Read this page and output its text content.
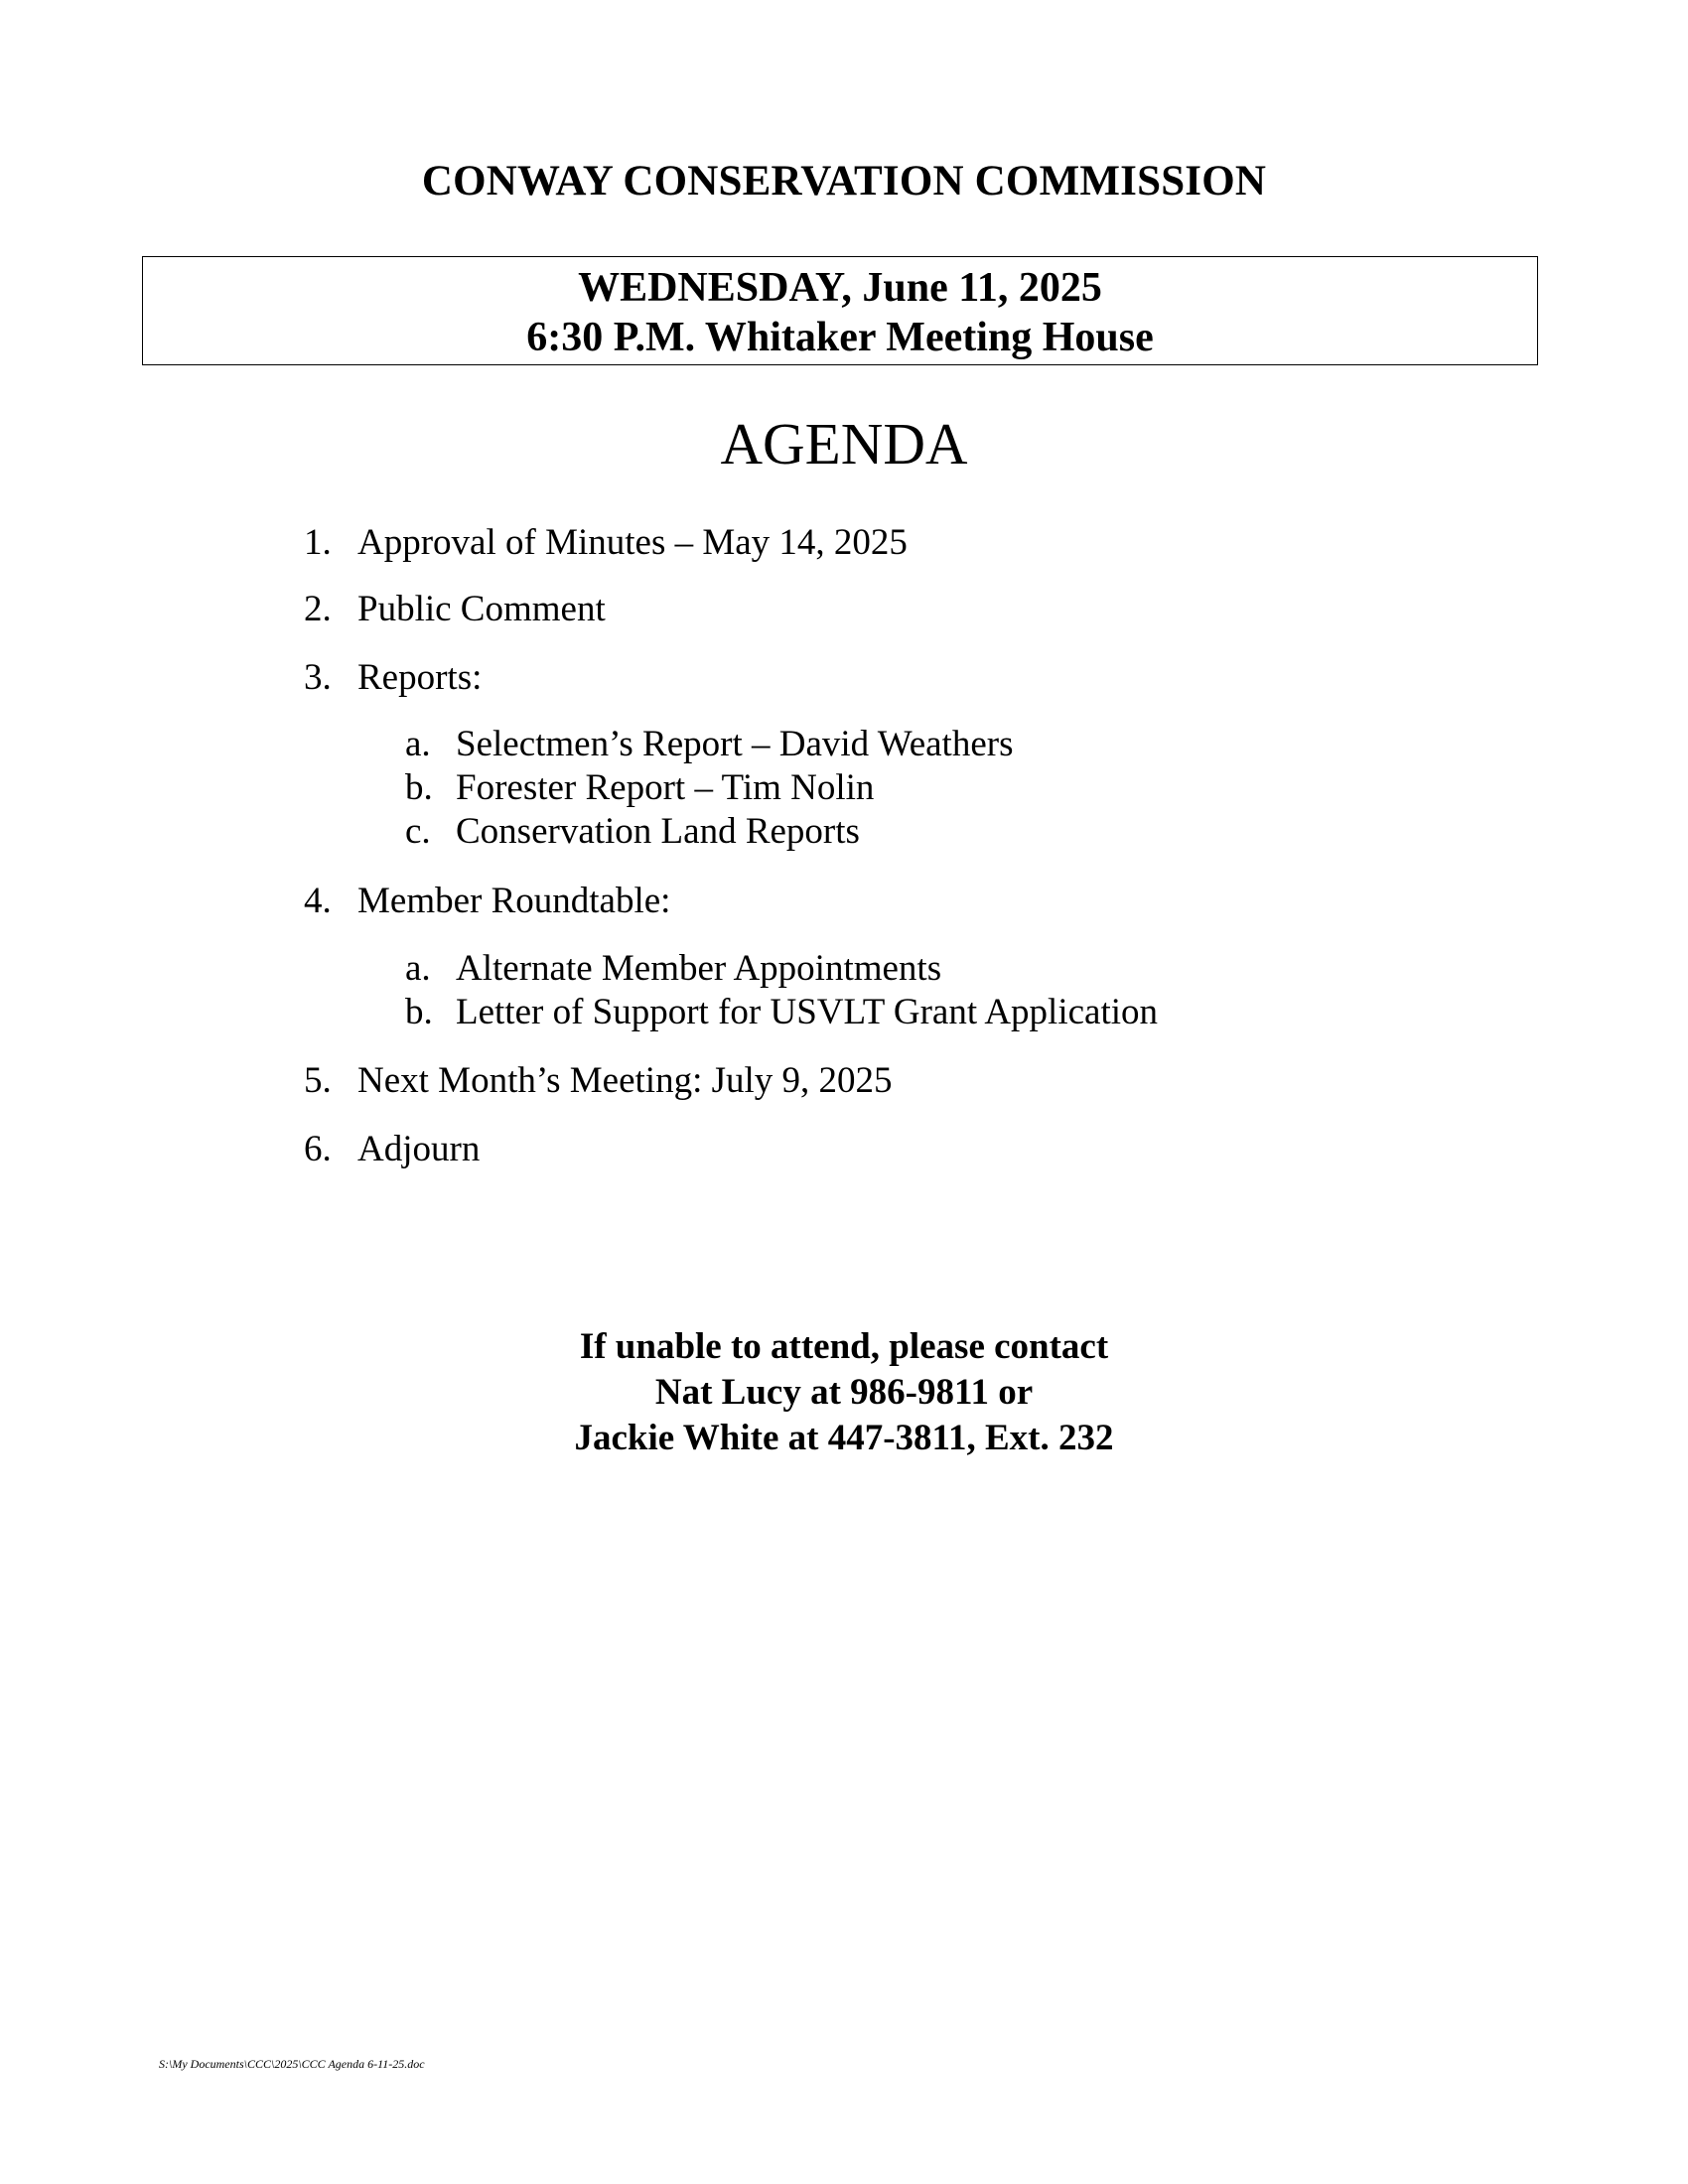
CONWAY CONSERVATION COMMISSION
WEDNESDAY, June 11, 2025
6:30 P.M. Whitaker Meeting House
AGENDA
1. Approval of Minutes – May 14, 2025
2. Public Comment
3. Reports:
a. Selectmen’s Report – David Weathers
b. Forester Report – Tim Nolin
c. Conservation Land Reports
4. Member Roundtable:
a. Alternate Member Appointments
b. Letter of Support for USVLT Grant Application
5. Next Month’s Meeting: July 9, 2025
6. Adjourn
If unable to attend, please contact
Nat Lucy at 986-9811 or
Jackie White at 447-3811, Ext. 232
S:\My Documents\CCC\2025\CCC Agenda 6-11-25.doc
